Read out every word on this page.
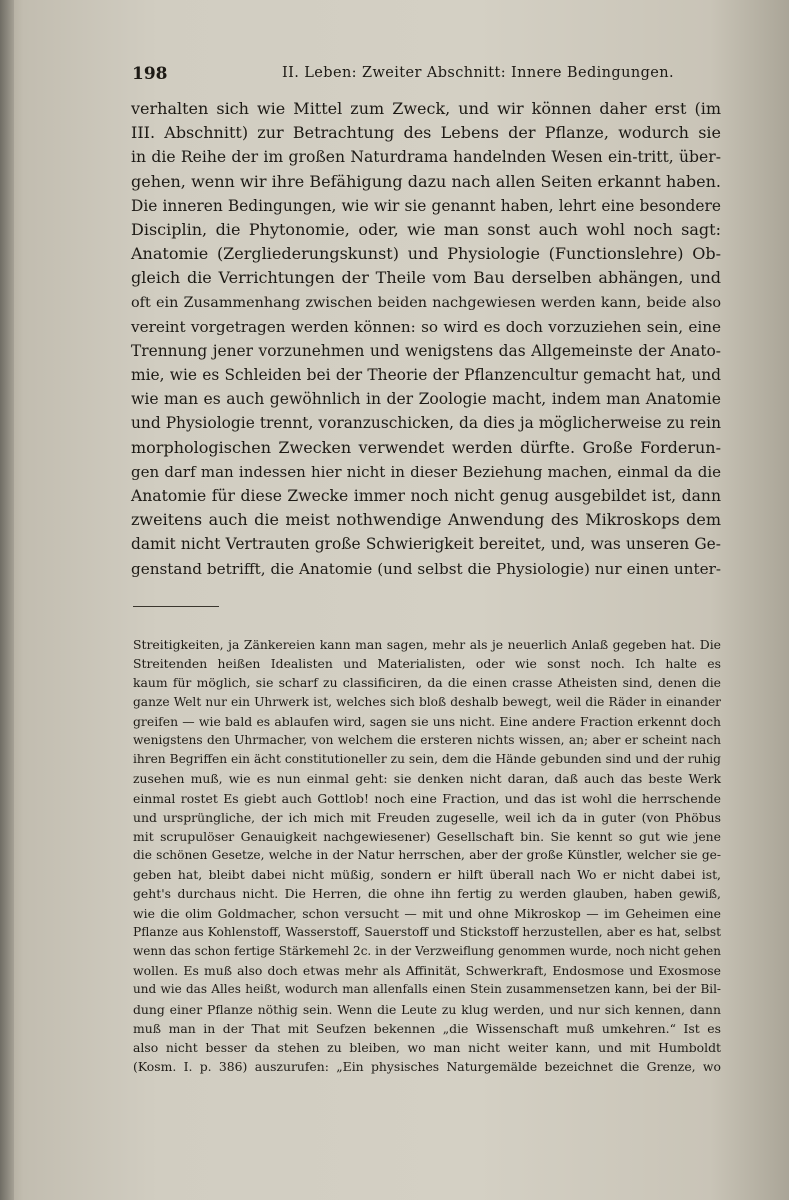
198	II. Leben: Zweiter Abschnitt: Innere Bedingungen.
verhalten sich wie Mittel zum Zweck, und wir können daher erst (im
III. Abschnitt) zur Betrachtung des Lebens der Pflanze, wodurch sie
in die Reihe der im großen Naturdrama handelnden Wesen ein-tritt, über-
gehen, wenn wir ihre Befähigung dazu nach allen Seiten erkannt haben.
Die inneren Bedingungen, wie wir sie genannt haben, lehrt eine besondere
Disciplin, die Phytonomie, oder, wie man sonst auch wohl noch sagt:
Anatomie (Zergliederungskunst) und Physiologie (Functionslehre) Ob-
gleich die Verrichtungen der Theile vom Bau derselben abhängen, und
oft ein Zusammenhang zwischen beiden nachgewiesen werden kann, beide also
vereint vorgetragen werden können: so wird es doch vorzuziehen sein, eine
Trennung jener vorzunehmen und wenigstens das Allgemeinste der Anato-
mie, wie es Schleiden bei der Theorie der Pflanzencultur gemacht hat, und
wie man es auch gewöhnlich in der Zoologie macht, indem man Anatomie
und Physiologie trennt, voranzuschicken, da dies ja möglicherweise zu rein
morphologischen Zwecken verwendet werden dürfte. Große Forderun-
gen darf man indessen hier nicht in dieser Beziehung machen, einmal da die
Anatomie für diese Zwecke immer noch nicht genug ausgebildet ist, dann
zweitens auch die meist nothwendige Anwendung des Mikroskops dem
damit nicht Vertrauten große Schwierigkeit bereitet, und, was unseren Ge-
genstand betrifft, die Anatomie (und selbst die Physiologie) nur einen unter-
Streitigkeiten, ja Zänkereien kann man sagen, mehr als je neuerlich Anlaß gegeben hat. Die
Streitenden heißen Idealisten und Materialisten, oder wie sonst noch. Ich halte es
kaum für möglich, sie scharf zu classificiren, da die einen crasse Atheisten sind, denen die
ganze Welt nur ein Uhrwerk ist, welches sich bloß deshalb bewegt, weil die Räder in einander
greifen — wie bald es ablaufen wird, sagen sie uns nicht. Eine andere Fraction erkennt doch
wenigstens den Uhrmacher, von welchem die ersteren nichts wissen, an; aber er scheint nach
ihren Begriffen ein ächt constitutioneller zu sein, dem die Hände gebunden sind und der ruhig
zusehen muß, wie es nun einmal geht: sie denken nicht daran, daß auch das beste Werk
einmal rostet Es giebt auch Gottlob! noch eine Fraction, und das ist wohl die herrschende
und ursprüngliche, der ich mich mit Freuden zugeselle, weil ich da in guter (von Phöbus
mit scrupulöser Genauigkeit nachgewiesener) Gesellschaft bin. Sie kennt so gut wie jene
die schönen Gesetze, welche in der Natur herrschen, aber der große Künstler, welcher sie ge-
geben hat, bleibt dabei nicht müßig, sondern er hilft überall nach Wo er nicht dabei ist,
geht's durchaus nicht. Die Herren, die ohne ihn fertig zu werden glauben, haben gewiß,
wie die olim Goldmacher, schon versucht — mit und ohne Mikroskop — im Geheimen eine
Pflanze aus Kohlenstoff, Wasserstoff, Sauerstoff und Stickstoff herzustellen, aber es hat, selbst
wenn das schon fertige Stärkemehl 2c. in der Verzweiflung genommen wurde, noch nicht gehen
wollen. Es muß also doch etwas mehr als Affinität, Schwerkraft, Endosmose und Exosmose
und wie das Alles heißt, wodurch man allenfalls einen Stein zusammensetzen kann, bei der Bil-
dung einer Pflanze nöthig sein. Wenn die Leute zu klug werden, und nur sich kennen, dann
muß man in der That mit Seufzen bekennen „die Wissenschaft muß umkehren.“ Ist es
also nicht besser da stehen zu bleiben, wo man nicht weiter kann, und mit Humboldt
(Kosm. I. p. 386) auszurufen: „Ein physisches Naturgemälde bezeichnet die Grenze, wo
